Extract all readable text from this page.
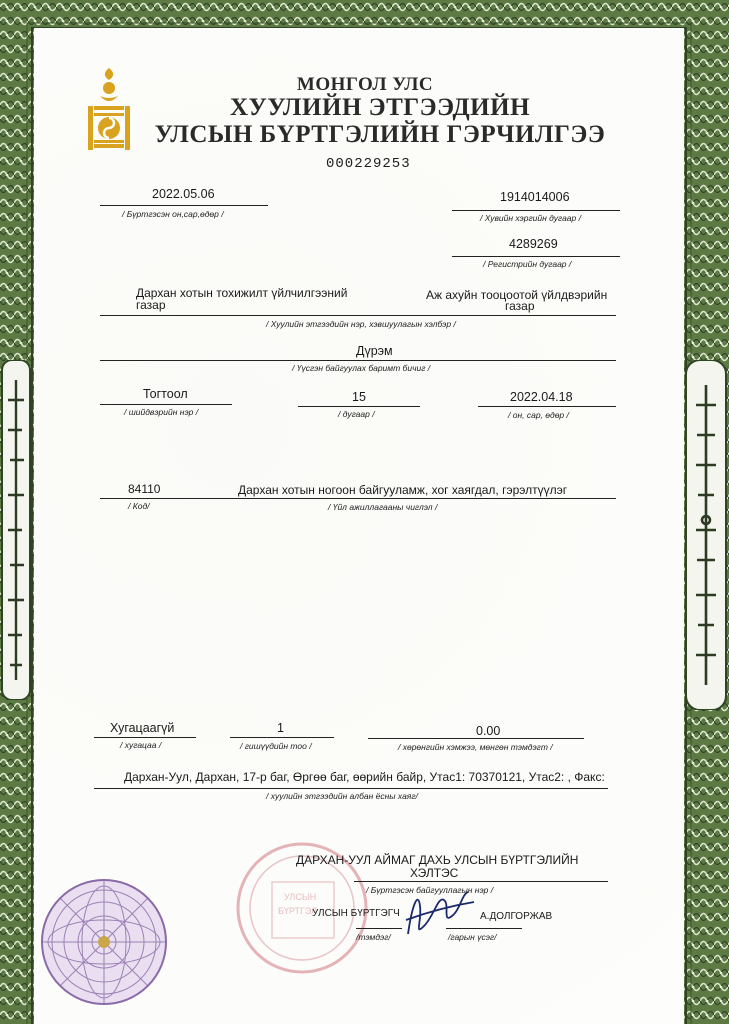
МОНГОЛ УЛС
ХУУЛИЙН ЭТГЭЭДИЙН
УЛСЫН БҮРТГЭЛИЙН ГЭРЧИЛГЭЭ
000229253
2022.05.06
/ Бүртгэсэн он,сар,өдөр /
1914014006
/ Хувийн хэргийн дугаар /
4289269
/ Регистрийн дугаар /
Дархан хотын тохижилт үйлчилгээний
газар
Аж ахуйн тооцоотой үйлдвэрийн
газар
/ Хуулийн этгээдийн нэр, хэвшуулагын хэлбэр /
Дүрэм
/ Үүсгэн байгуулах баримт бичиг /
Тогтоол
/ шийдвэрийн нэр /
15
/ дугаар /
2022.04.18
/ он, сар, өдөр /
84110	Дархан хотын ногоон байгууламж, хог хаягдал, гэрэлтүүлэг
/ Код/	/ Үйл ажиллагааны чиглэл /
Хугацаагүй
/ хугацаа /
1
/ гишүүдийн тоо /
0.00
/ хөрөнгийн хэмжээ, мөнгөн тэмдэгт /
Дархан-Уул, Дархан, 17-р баг, Өргөө баг, өөрийн байр, Утас1: 70370121, Утас2: , Факс:
/ хуулийн этгээдийн албан ёсны хаяг/
УЛСЫН
БҮРТГЭЛ
ДАРХАН-УУЛ АЙМАГ ДАХЬ УЛСЫН БҮРТГЭЛИЙН
ХЭЛТЭС
/ Бүртгэсэн байгууллагын нэр /
УЛСЫН БҮРТГЭГЧ	А.ДОЛГОРЖАВ
/тэмдэг/	/гарын үсэг/
